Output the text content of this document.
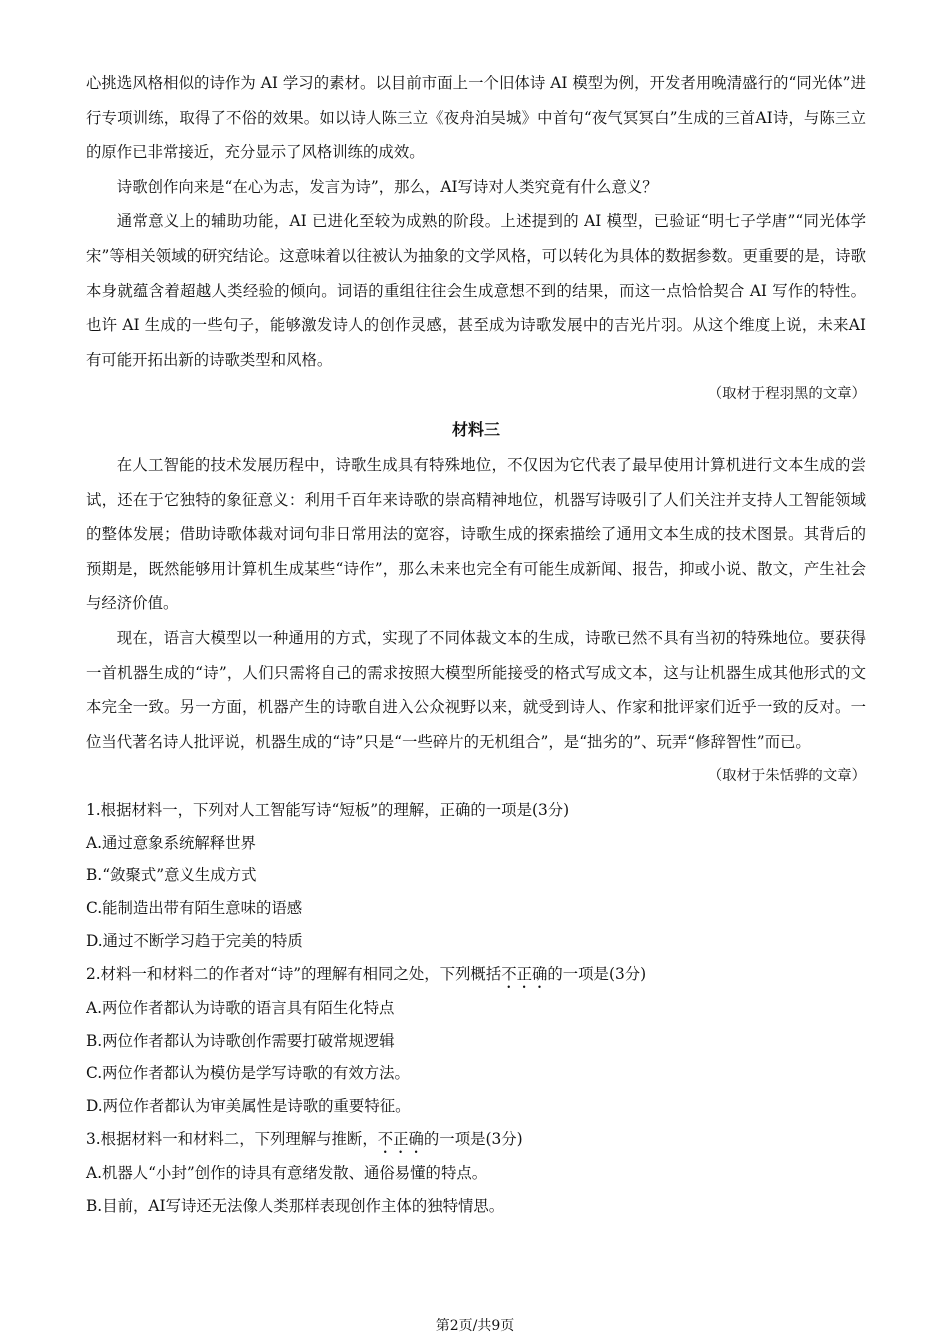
心挑选风格相似的诗作为 AI 学习的素材。以目前市面上一个旧体诗 AI 模型为例，开发者用晚清盛行的“同光体”进行专项训练，取得了不俗的效果。如以诗人陈三立《夜舟泊吴城》中首句“夜气冥冥白”生成的三首AI诗，与陈三立的原作已非常接近，充分显示了风格训练的成效。

诗歌创作向来是“在心为志，发言为诗”，那么，AI写诗对人类究竟有什么意义？

通常意义上的辅助功能，AI 已进化至较为成熟的阶段。上述提到的 AI 模型，已验证“明七子学唐”“同光体学宋”等相关领域的研究结论。这意味着以往被认为抽象的文学风格，可以转化为具体的数据参数。更重要的是，诗歌本身就蕴含着超越人类经验的倾向。词语的重组往往会生成意想不到的结果，而这一点恰恰契合 AI 写作的特性。也许 AI 生成的一些句子，能够激发诗人的创作灵感，甚至成为诗歌发展中的吉光片羽。从这个维度上说，未来AI有可能开拓出新的诗歌类型和风格。

（取材于程羽黑的文章）

材料三

在人工智能的技术发展历程中，诗歌生成具有特殊地位，不仅因为它代表了最早使用计算机进行文本生成的尝试，还在于它独特的象征意义：利用千百年来诗歌的崇高精神地位，机器写诗吸引了人们关注并支持人工智能领域的整体发展；借助诗歌体裁对词句非日常用法的宽容，诗歌生成的探索描绘了通用文本生成的技术图景。其背后的预期是，既然能够用计算机生成某些“诗作”，那么未来也完全有可能生成新闻、报告，抑或小说、散文，产生社会与经济价值。

现在，语言大模型以一种通用的方式，实现了不同体裁文本的生成，诗歌已然不具有当初的特殊地位。要获得一首机器生成的“诗”，人们只需将自己的需求按照大模型所能接受的格式写成文本，这与让机器生成其他形式的文本完全一致。另一方面，机器产生的诗歌自进入公众视野以来，就受到诗人、作家和批评家们近乎一致的反对。一位当代著名诗人批评说，机器生成的“诗”只是“一些碎片的无机组合”，是“拙劣的”、玩弄“修辞智性”而已。

（取材于朱恬骅的文章）

1.根据材料一，下列对人工智能写诗“短板”的理解，正确的一项是(3分)

A.通过意象系统解释世界

B.“敛聚式”意义生成方式

C.能制造出带有陌生意味的语感

D.通过不断学习趋于完美的特质

2.材料一和材料二的作者对“诗”的理解有相同之处，下列概括不正确的一项是(3分)

A.两位作者都认为诗歌的语言具有陌生化特点

B.两位作者都认为诗歌创作需要打破常规逻辑

C.两位作者都认为模仿是学写诗歌的有效方法。

D.两位作者都认为审美属性是诗歌的重要特征。

3.根据材料一和材料二，下列理解与推断，不正确的一项是(3分)

A.机器人“小封”创作的诗具有意绪发散、通俗易懂的特点。

B.目前，AI写诗还无法像人类那样表现创作主体的独特情思。

第2页/共9页
